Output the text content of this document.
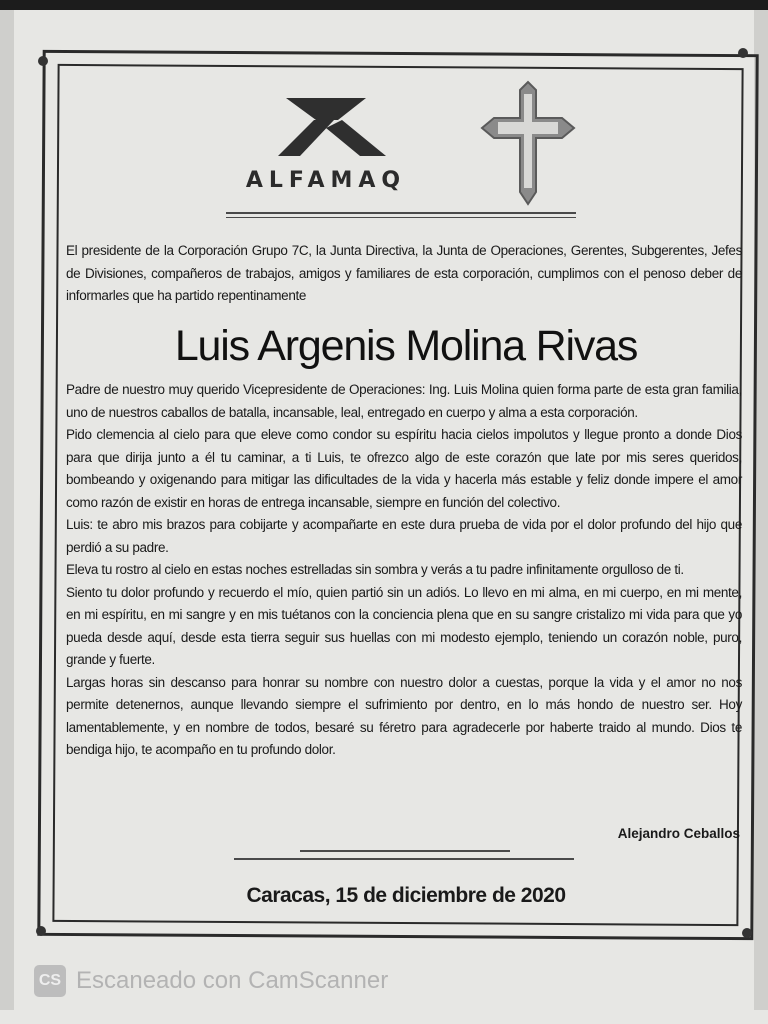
ALFAMAQ
El presidente de la Corporación Grupo 7C, la Junta Directiva, la Junta de Operaciones, Gerentes, Subgerentes, Jefes de Divisiones, compañeros de trabajos, amigos y familiares de esta corporación, cumplimos con el penoso deber de informarles que ha partido repentinamente
Luis Argenis Molina Rivas

Padre de nuestro muy querido Vicepresidente de Operaciones: Ing. Luis Molina quien forma parte de esta gran familia, uno de nuestros caballos de batalla, incansable, leal, entregado en cuerpo y alma a esta corporación.

Pido clemencia al cielo para que eleve como condor su espíritu hacia cielos impolutos y llegue pronto a donde Dios para que dirija junto a él tu caminar, a ti Luis, te ofrezco algo de este corazón que late por mis seres queridos, bombeando y oxigenando para mitigar las dificultades de la vida y hacerla más estable y feliz donde impere el amor como razón de existir en horas de entrega incansable, siempre en función del colectivo.

Luis: te abro mis brazos para cobijarte y acompañarte en este dura prueba de vida por el dolor profundo del hijo que perdió a su padre.

Eleva tu rostro al cielo en estas noches estrelladas sin sombra y verás a tu padre infinitamente orgulloso de ti.

Siento tu dolor profundo y recuerdo el mío, quien partió sin un adiós. Lo llevo en mi alma, en mi cuerpo, en mi mente, en mi espíritu, en mi sangre y en mis tuétanos con la conciencia plena que en su sangre cristalizo mi vida para que yo pueda desde aquí, desde esta tierra seguir sus huellas con mi modesto ejemplo, teniendo un corazón noble, puro, grande y fuerte.

Largas horas sin descanso para honrar su nombre con nuestro dolor a cuestas, porque la vida y el amor no nos permite detenernos, aunque llevando siempre el sufrimiento por dentro, en lo más hondo de nuestro ser. Hoy lamentablemente, y en nombre de todos, besaré su féretro para agradecerle por haberte traido al mundo. Dios te bendiga hijo, te acompaño en tu profundo dolor.

Alejandro Ceballos
Caracas, 15 de diciembre de 2020
CS Escaneado con CamScanner
